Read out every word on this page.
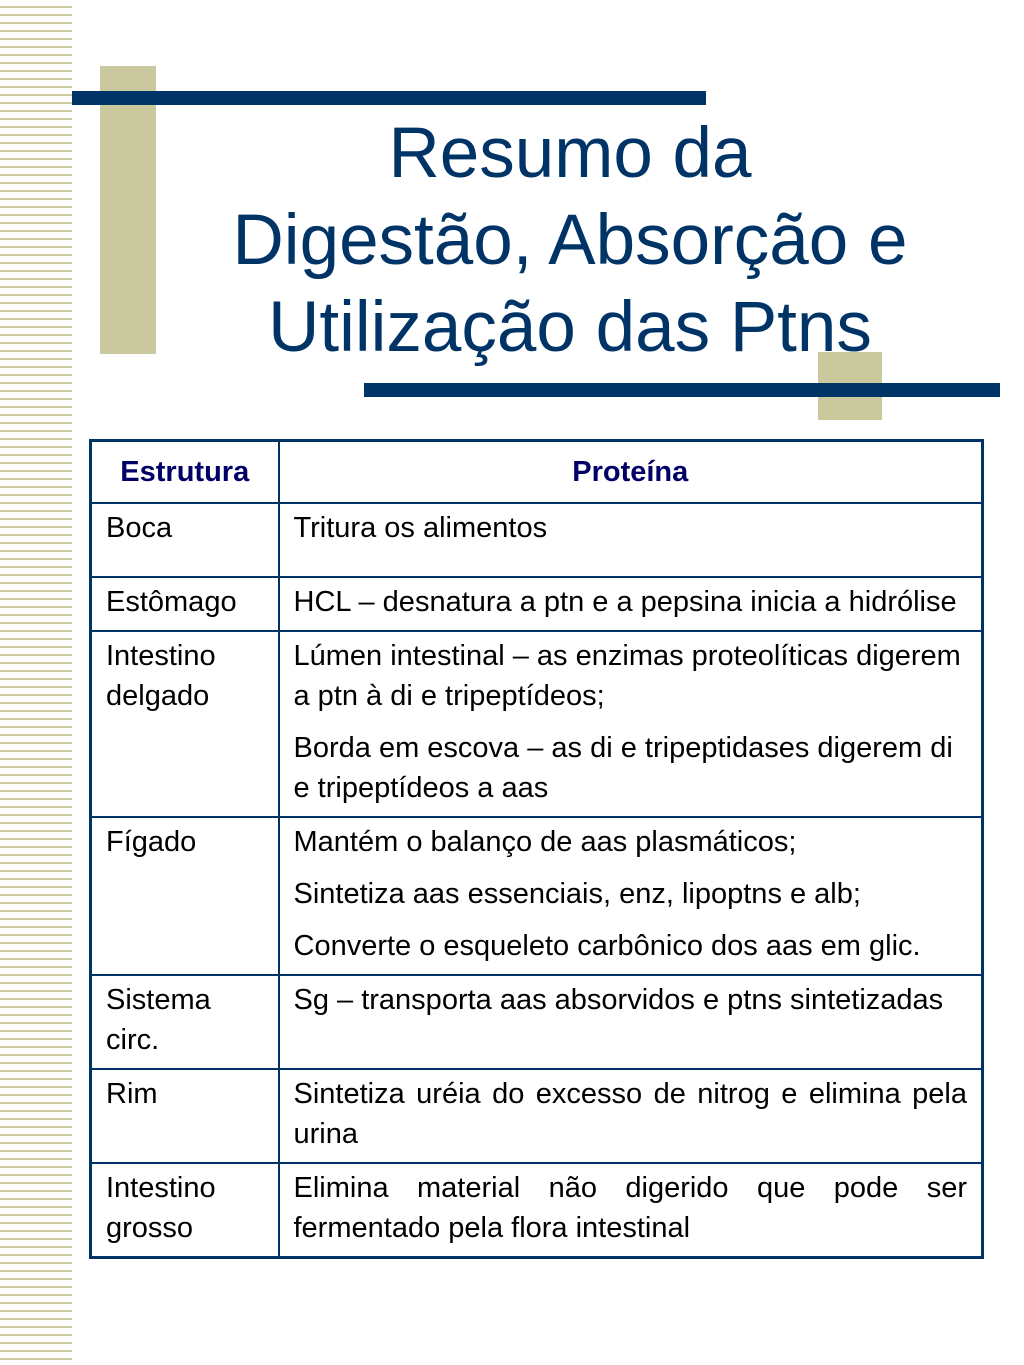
Resumo da
Digestão, Absorção e
Utilização das Ptns
Estrutura	Proteína
Boca	Tritura os alimentos

Estômago	HCL – desnatura a ptn e a pepsina inicia a hidrólise

Intestino delgado	Lúmen intestinal – as enzimas proteolíticas digerem a ptn à di e tripeptídeos;
Borda em escova – as di e tripeptidases digerem di e tripeptídeos a aas

Fígado	Mantém o balanço de aas plasmáticos;
Sintetiza aas essenciais, enz, lipoptns e alb;
Converte o esqueleto carbônico dos aas em glic.

Sistema circ.	Sg – transporta aas absorvidos e ptns sintetizadas

Rim	Sintetiza uréia do excesso de nitrog e elimina pela urina

Intestino grosso	Elimina material não digerido que pode ser fermentado pela flora intestinal
